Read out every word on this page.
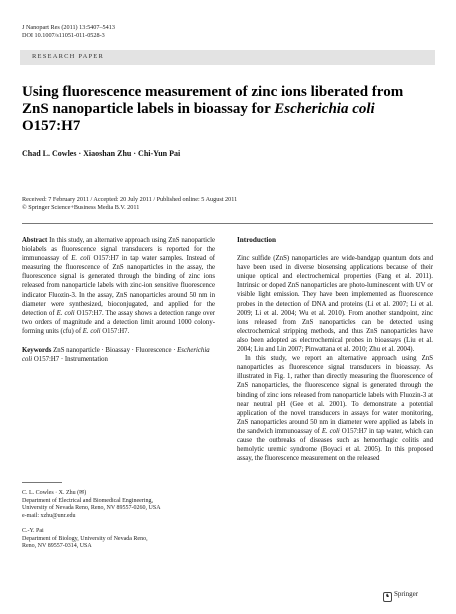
J Nanopart Res (2011) 13:5407–5413
DOI 10.1007/s11051-011-0528-3
RESEARCH PAPER
Using fluorescence measurement of zinc ions liberated from ZnS nanoparticle labels in bioassay for Escherichia coli O157:H7
Chad L. Cowles · Xiaoshan Zhu · Chi-Yun Pai
Received: 7 February 2011 / Accepted: 20 July 2011 / Published online: 5 August 2011
© Springer Science+Business Media B.V. 2011

Abstract In this study, an alternative approach using ZnS nanoparticle biolabels as fluorescence signal transducers is reported for the immunoassay of E. coli O157:H7 in tap water samples. Instead of measuring the fluorescence of ZnS nanoparticles in the assay, the fluorescence signal is generated through the binding of zinc ions released from nanoparticle labels with zinc-ion sensitive fluorescence indicator Fluozin-3. In the assay, ZnS nanoparticles around 50 nm in diameter were synthesized, bioconjugated, and applied for the detection of E. coli O157:H7. The assay shows a detection range over two orders of magnitude and a detection limit around 1000 colony-forming units (cfu) of E. coli O157:H7.

Keywords ZnS nanoparticle · Bioassay · Fluorescence · Escherichia coli O157:H7 · Instrumentation

C. L. Cowles · X. Zhu (✉)
Department of Electrical and Biomedical Engineering,
University of Nevada Reno, Reno, NV 89557-0260, USA
e-mail: xzhu@unr.edu
C.-Y. Pai
Department of Biology, University of Nevada Reno,
Reno, NV 89557-0314, USA

Introduction

Zinc sulfide (ZnS) nanoparticles are wide-bandgap quantum dots and have been used in diverse biosensing applications because of their unique optical and electrochemical properties (Fang et al. 2011). Intrinsic or doped ZnS nanoparticles are photo-luminescent with UV or visible light emission. They have been implemented as fluorescence probes in the detection of DNA and proteins (Li et al. 2007; Li et al. 2009; Li et al. 2004; Wu et al. 2010). From another standpoint, zinc ions released from ZnS nanoparticles can be detected using electrochemical stripping methods, and thus ZnS nanoparticles have also been adopted as electrochemical probes in bioassays (Liu et al. 2004; Liu and Lin 2007; Pinwattana et al. 2010; Zhu et al. 2004).

In this study, we report an alternative approach using ZnS nanoparticles as fluorescence signal transducers in bioassay. As illustrated in Fig. 1, rather than directly measuring the fluorescence of ZnS nanoparticles, the fluorescence signal is generated through the binding of zinc ions released from nanoparticle labels with Fluozin-3 at near neutral pH (Gee et al. 2001). To demonstrate a potential application of the novel transducers in assays for water monitoring, ZnS nanoparticles around 50 nm in diameter were applied as labels in the sandwich immunoassay of E. coli O157:H7 in tap water, which can cause the outbreaks of diseases such as hemorrhagic colitis and hemolytic uremic syndrome (Boyaci et al. 2005). In this proposed assay, the fluorescence measurement on the released

♞ Springer
